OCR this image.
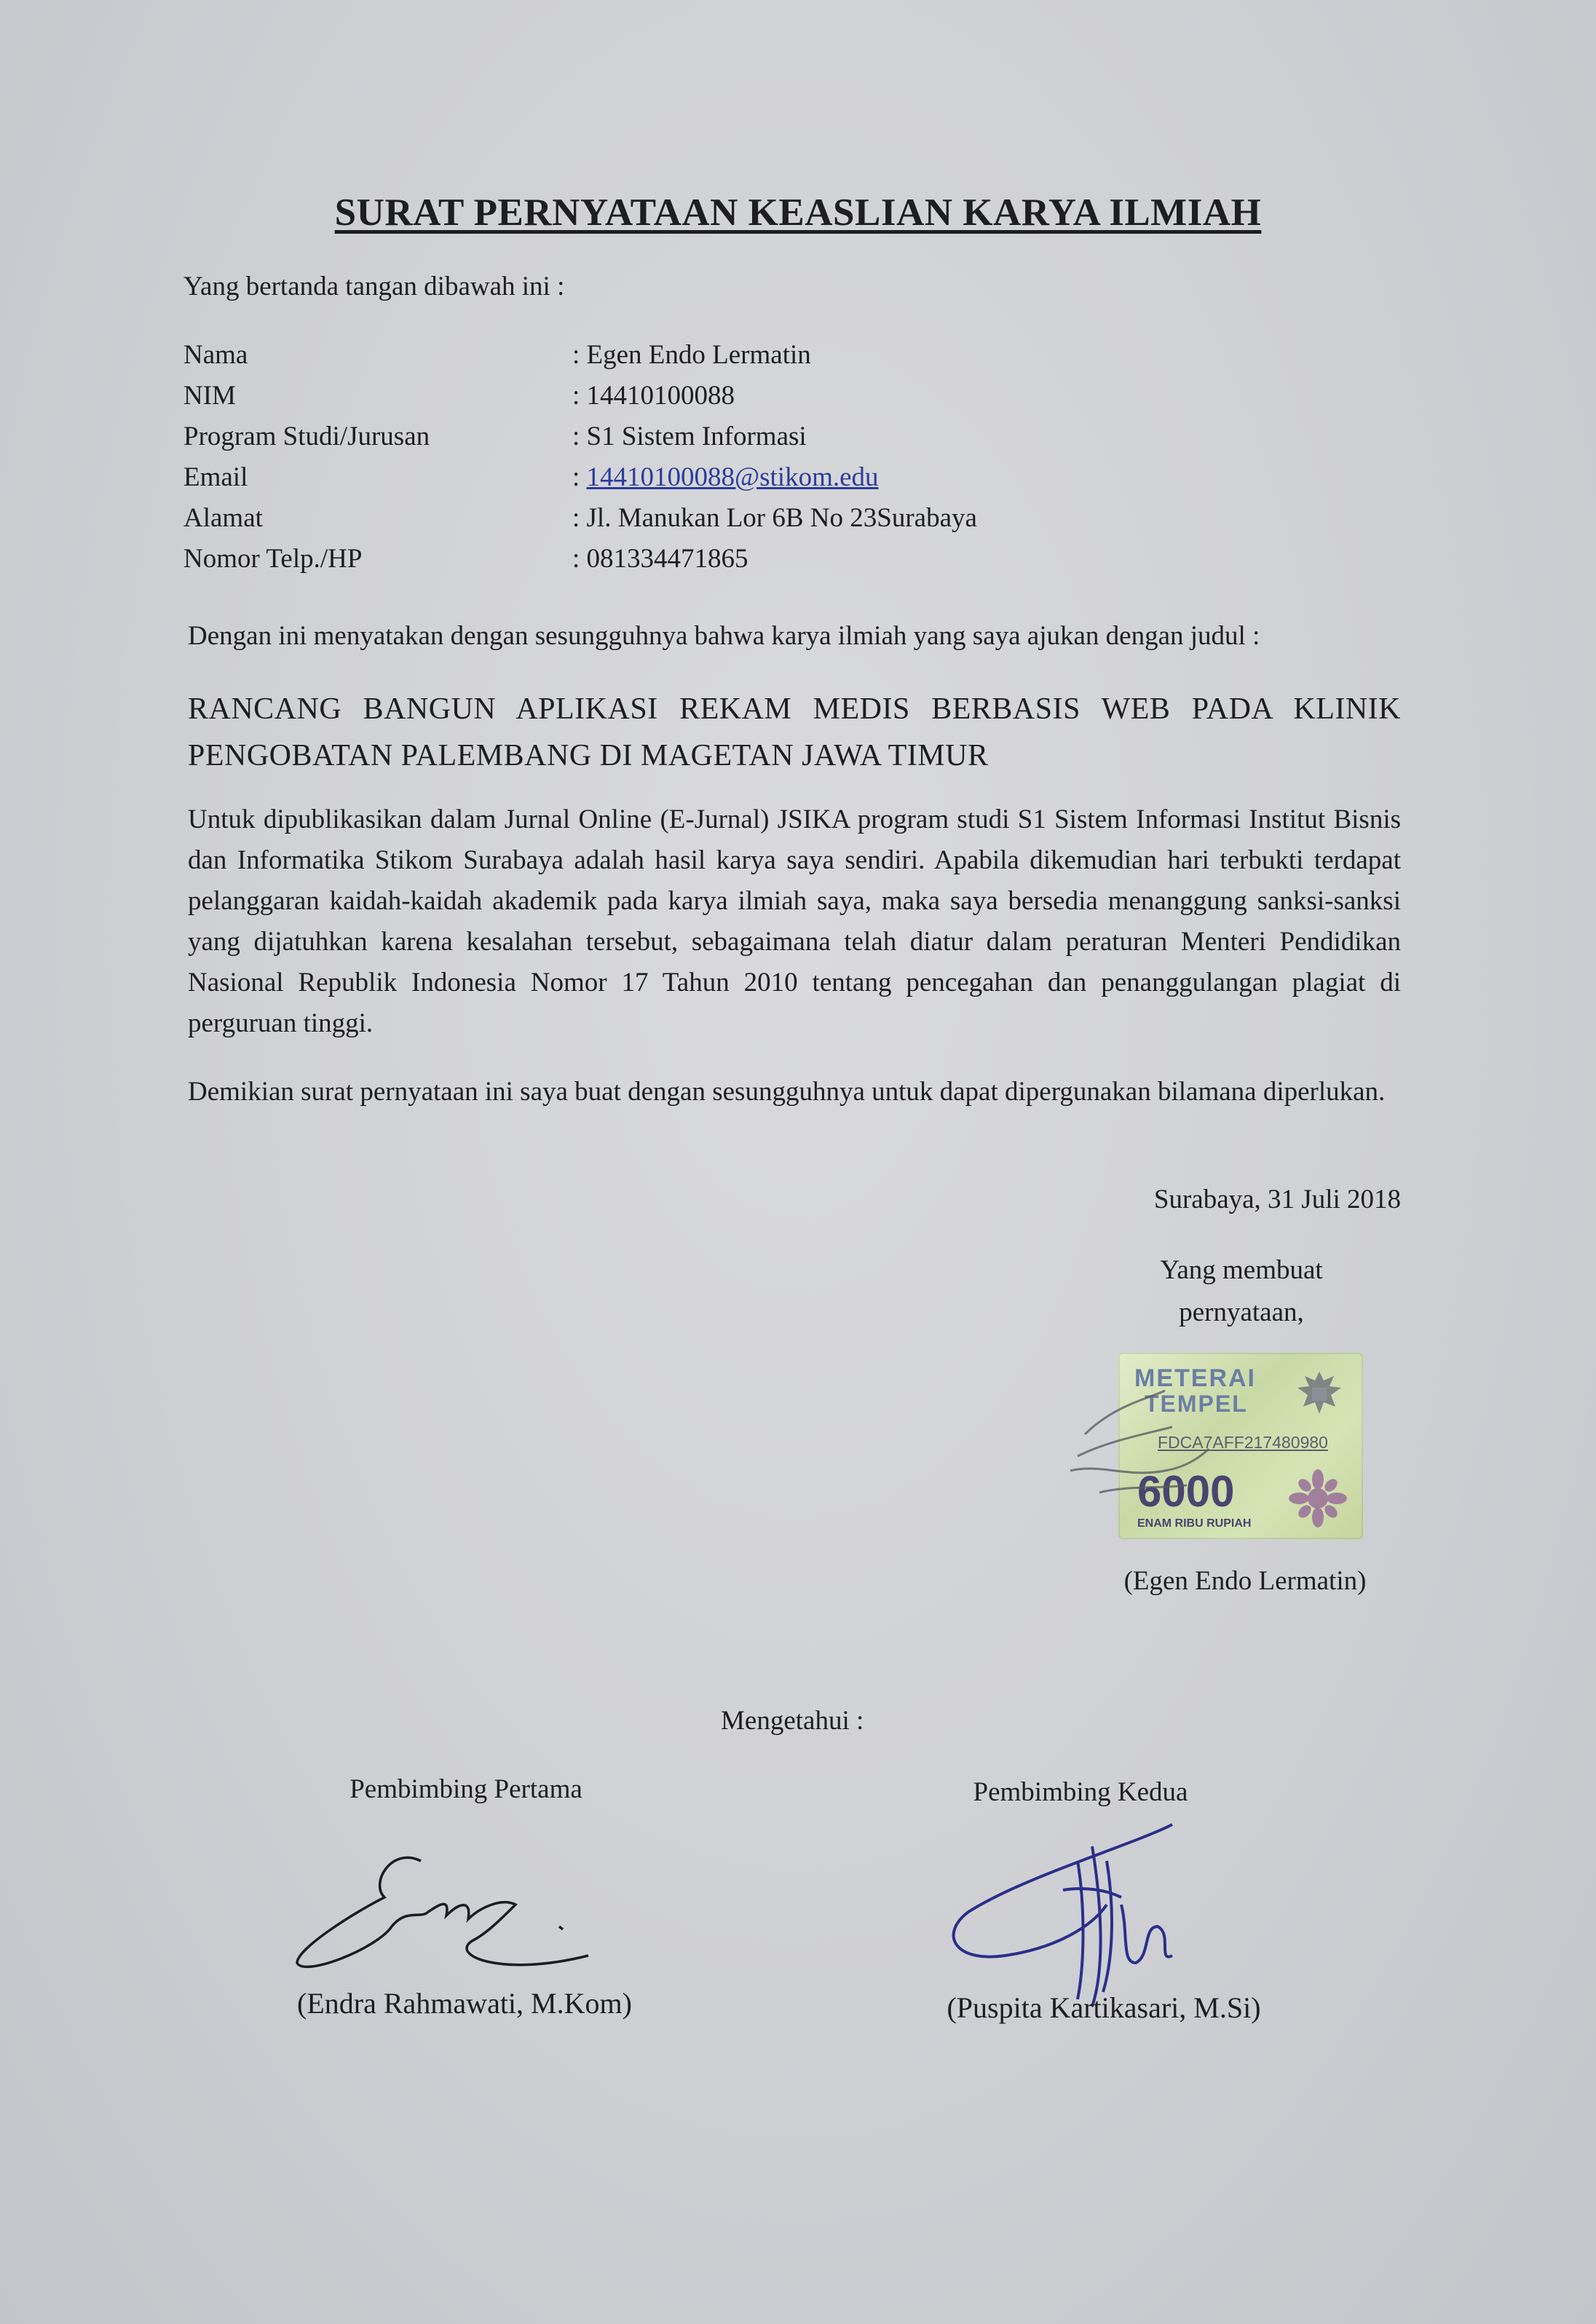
SURAT PERNYATAAN KEASLIAN KARYA ILMIAH
Yang bertanda tangan dibawah ini :
Nama	: Egen Endo Lermatin
NIM	: 14410100088
Program Studi/Jurusan	: S1 Sistem Informasi
Email	: 14410100088@stikom.edu
Alamat	: Jl. Manukan Lor 6B No 23Surabaya
Nomor Telp./HP	: 081334471865
Dengan ini menyatakan dengan sesungguhnya bahwa karya ilmiah yang saya ajukan dengan judul :
RANCANG BANGUN APLIKASI REKAM MEDIS BERBASIS WEB PADA KLINIK PENGOBATAN PALEMBANG DI MAGETAN JAWA TIMUR
Untuk dipublikasikan dalam Jurnal Online (E-Jurnal) JSIKA program studi S1 Sistem Informasi Institut Bisnis dan Informatika Stikom Surabaya adalah hasil karya saya sendiri. Apabila dikemudian hari terbukti terdapat pelanggaran kaidah-kaidah akademik pada karya ilmiah saya, maka saya bersedia menanggung sanksi-sanksi yang dijatuhkan karena kesalahan tersebut, sebagaimana telah diatur dalam peraturan Menteri Pendidikan Nasional Republik Indonesia Nomor 17 Tahun 2010 tentang pencegahan dan penanggulangan plagiat di perguruan tinggi.
Demikian surat pernyataan ini saya buat dengan sesungguhnya untuk dapat dipergunakan bilamana diperlukan.
Surabaya, 31 Juli 2018
Yang membuat
pernyataan,
METERAI
TEMPEL
FDCA7AFF217480980
6000
ENAM RIBU RUPIAH
(Egen Endo Lermatin)
Mengetahui :
Pembimbing Pertama	Pembimbing Kedua
(Endra Rahmawati, M.Kom)	(Puspita Kartikasari, M.Si)
